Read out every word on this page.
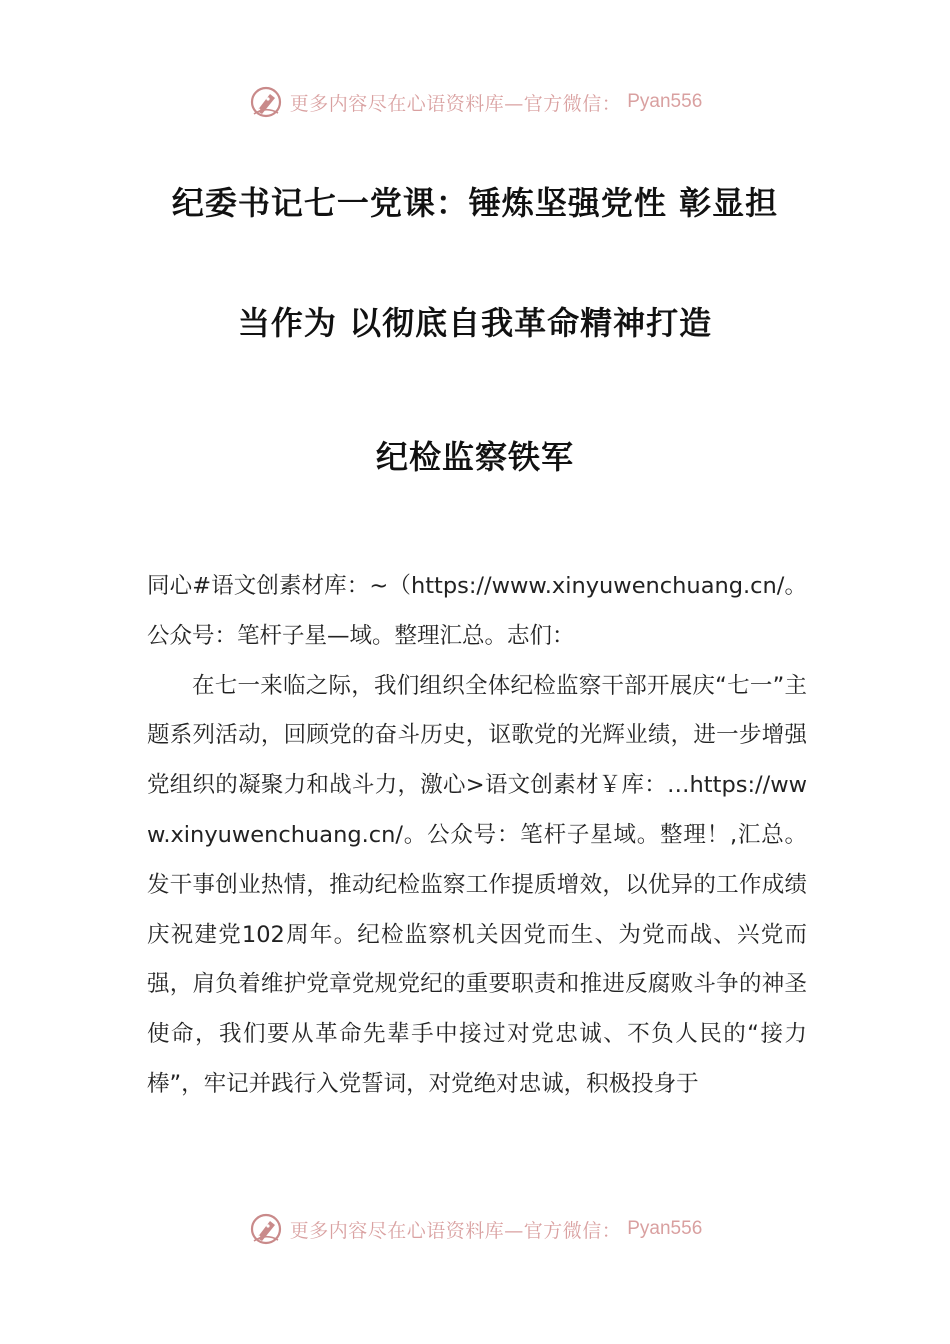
更多内容尽在心语资料库—官方微信： Pyan556
纪委书记七一党课：锤炼坚强党性 彰显担
当作为 以彻底自我革命精神打造
纪检监察铁军

同心#语文创素材库：~（https://www.xinyuwenchuang.cn/。公众号：笔杆子星—域。整理汇总。志们：

在七一来临之际，我们组织全体纪检监察干部开展庆“七一”主题系列活动，回顾党的奋斗历史，讴歌党的光辉业绩，进一步增强党组织的凝聚力和战斗力，激心>语文创素材￥库：…https://www.xinyuwenchuang.cn/。公众号：笔杆子星域。整理！,汇总。发干事创业热情，推动纪检监察工作提质增效，以优异的工作成绩庆祝建党102周年。纪检监察机关因党而生、为党而战、兴党而强，肩负着维护党章党规党纪的重要职责和推进反腐败斗争的神圣使命，我们要从革命先辈手中接过对党忠诚、不负人民的“接力棒”，牢记并践行入党誓词，对党绝对忠诚，积极投身于

更多内容尽在心语资料库—官方微信： Pyan556
